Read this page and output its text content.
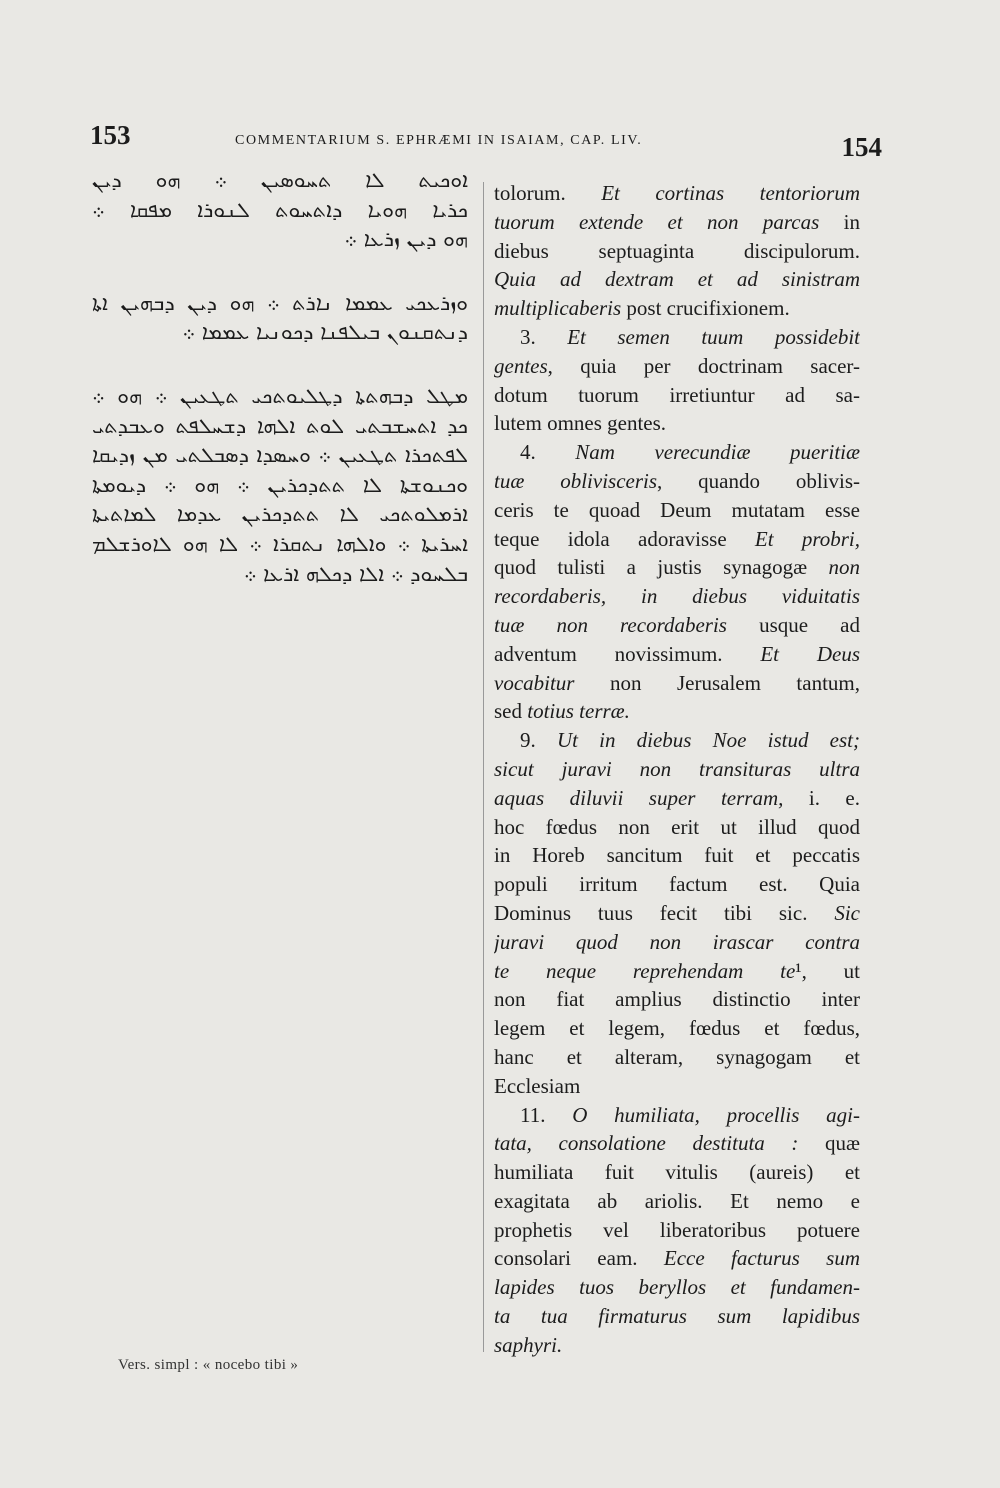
153	COMMENTARIUM S. EPHRÆMI IN ISAIAM, CAP. LIV.	154
ܐܘܟܝܬ ܠܐ ܬܚܘܣܝܢ ܀ ܗܘ ܕܝܢ
ܟܪܝܐ ܗܘܝܐ ܕܐܬܚܘܬ ܠܢܘܪܐ ܡܦܩܐ ܀
ܗܘ ܕܝܢ ܙܪܥܐ ܀
ܘܙܪܥܟܝ ܥܡܡܐ ܢܐܪܬ ܀ ܗܘ ܕܝܢ ܕܒܗܝܢ ܐܬܐ
ܕܢܬܩܢܘܢ ܒܝܠܦܢܐ ܕܟܘܢܝܐ ܥܡܡܐ ܀
ܡܛܠ ܕܒܗܬܬܐ ܕܛܠܝܘܬܟܝ ܬܛܥܝܢ ܀ ܗܘ ܀
ܟܕ ܐܬܚܫܒܬܝ ܠܘܬ ܐܠܗܐ ܕܫܚܠܦܬ ܘܥܒܕܬܝ
ܠܦܬܟܪܐ ܬܛܥܝܢ ܀ ܘܚܣܕܐ ܕܣܒܠܬܝ ܡܢ ܙܕܝܩܐ
ܘܟܢܘܫܬܐ ܠܐ ܬܬܕܟܪܝܢ ܀ ܗܘ ܀ ܕܝܘܡܬܐ
ܐܪܡܠܘܬܟܝ ܠܐ ܬܬܕܟܪܝܢ ܥܕܡܐ ܠܡܐܬܝܬܐ
ܐܚܪܝܬܐ ܀ ܘܐܠܗܐ ܢܬܩܪܐ ܀ ܠܐ ܗܘ ܠܐܘܪܫܠܡ
ܒܠܚܘܕ ܀ ܐܠܐ ܕܟܠܗ ܐܪܥܐ ܀
tolorum. Et cortinas tentoriorum
tuorum extende et non parcas in
diebus septuaginta discipulorum.
Quia ad dextram et ad sinistram
multiplicaberis post crucifixionem.
3. Et semen tuum possidebit
gentes, quia per doctrinam sacer-
dotum tuorum irretiuntur ad sa-
lutem omnes gentes.
4. Nam verecundiæ pueritiæ
tuæ oblivisceris, quando oblivis-
ceris te quoad Deum mutatam esse
teque idola adoravisse Et probri,
quod tulisti a justis synagogæ non
recordaberis, in diebus viduitatis
tuæ non recordaberis usque ad
adventum novissimum. Et Deus
vocabitur non Jerusalem tantum,
sed totius terræ.
9. Ut in diebus Noe istud est;
sicut juravi non transituras ultra
aquas diluvii super terram, i. e.
hoc fœdus non erit ut illud quod
in Horeb sancitum fuit et peccatis
populi irritum factum est. Quia
Dominus tuus fecit tibi sic. Sic
juravi quod non irascar contra
te neque reprehendam te¹, ut
non fiat amplius distinctio inter
legem et legem, fœdus et fœdus,
hanc et alteram, synagogam et
Ecclesiam
11. O humiliata, procellis agi-
tata, consolatione destituta : quæ
humiliata fuit vitulis (aureis) et
exagitata ab ariolis. Et nemo e
prophetis vel liberatoribus potuere
consolari eam. Ecce facturus sum
lapides tuos beryllos et fundamen-
ta tua firmaturus sum lapidibus
saphyri.
Vers. simpl : « nocebo tibi »
